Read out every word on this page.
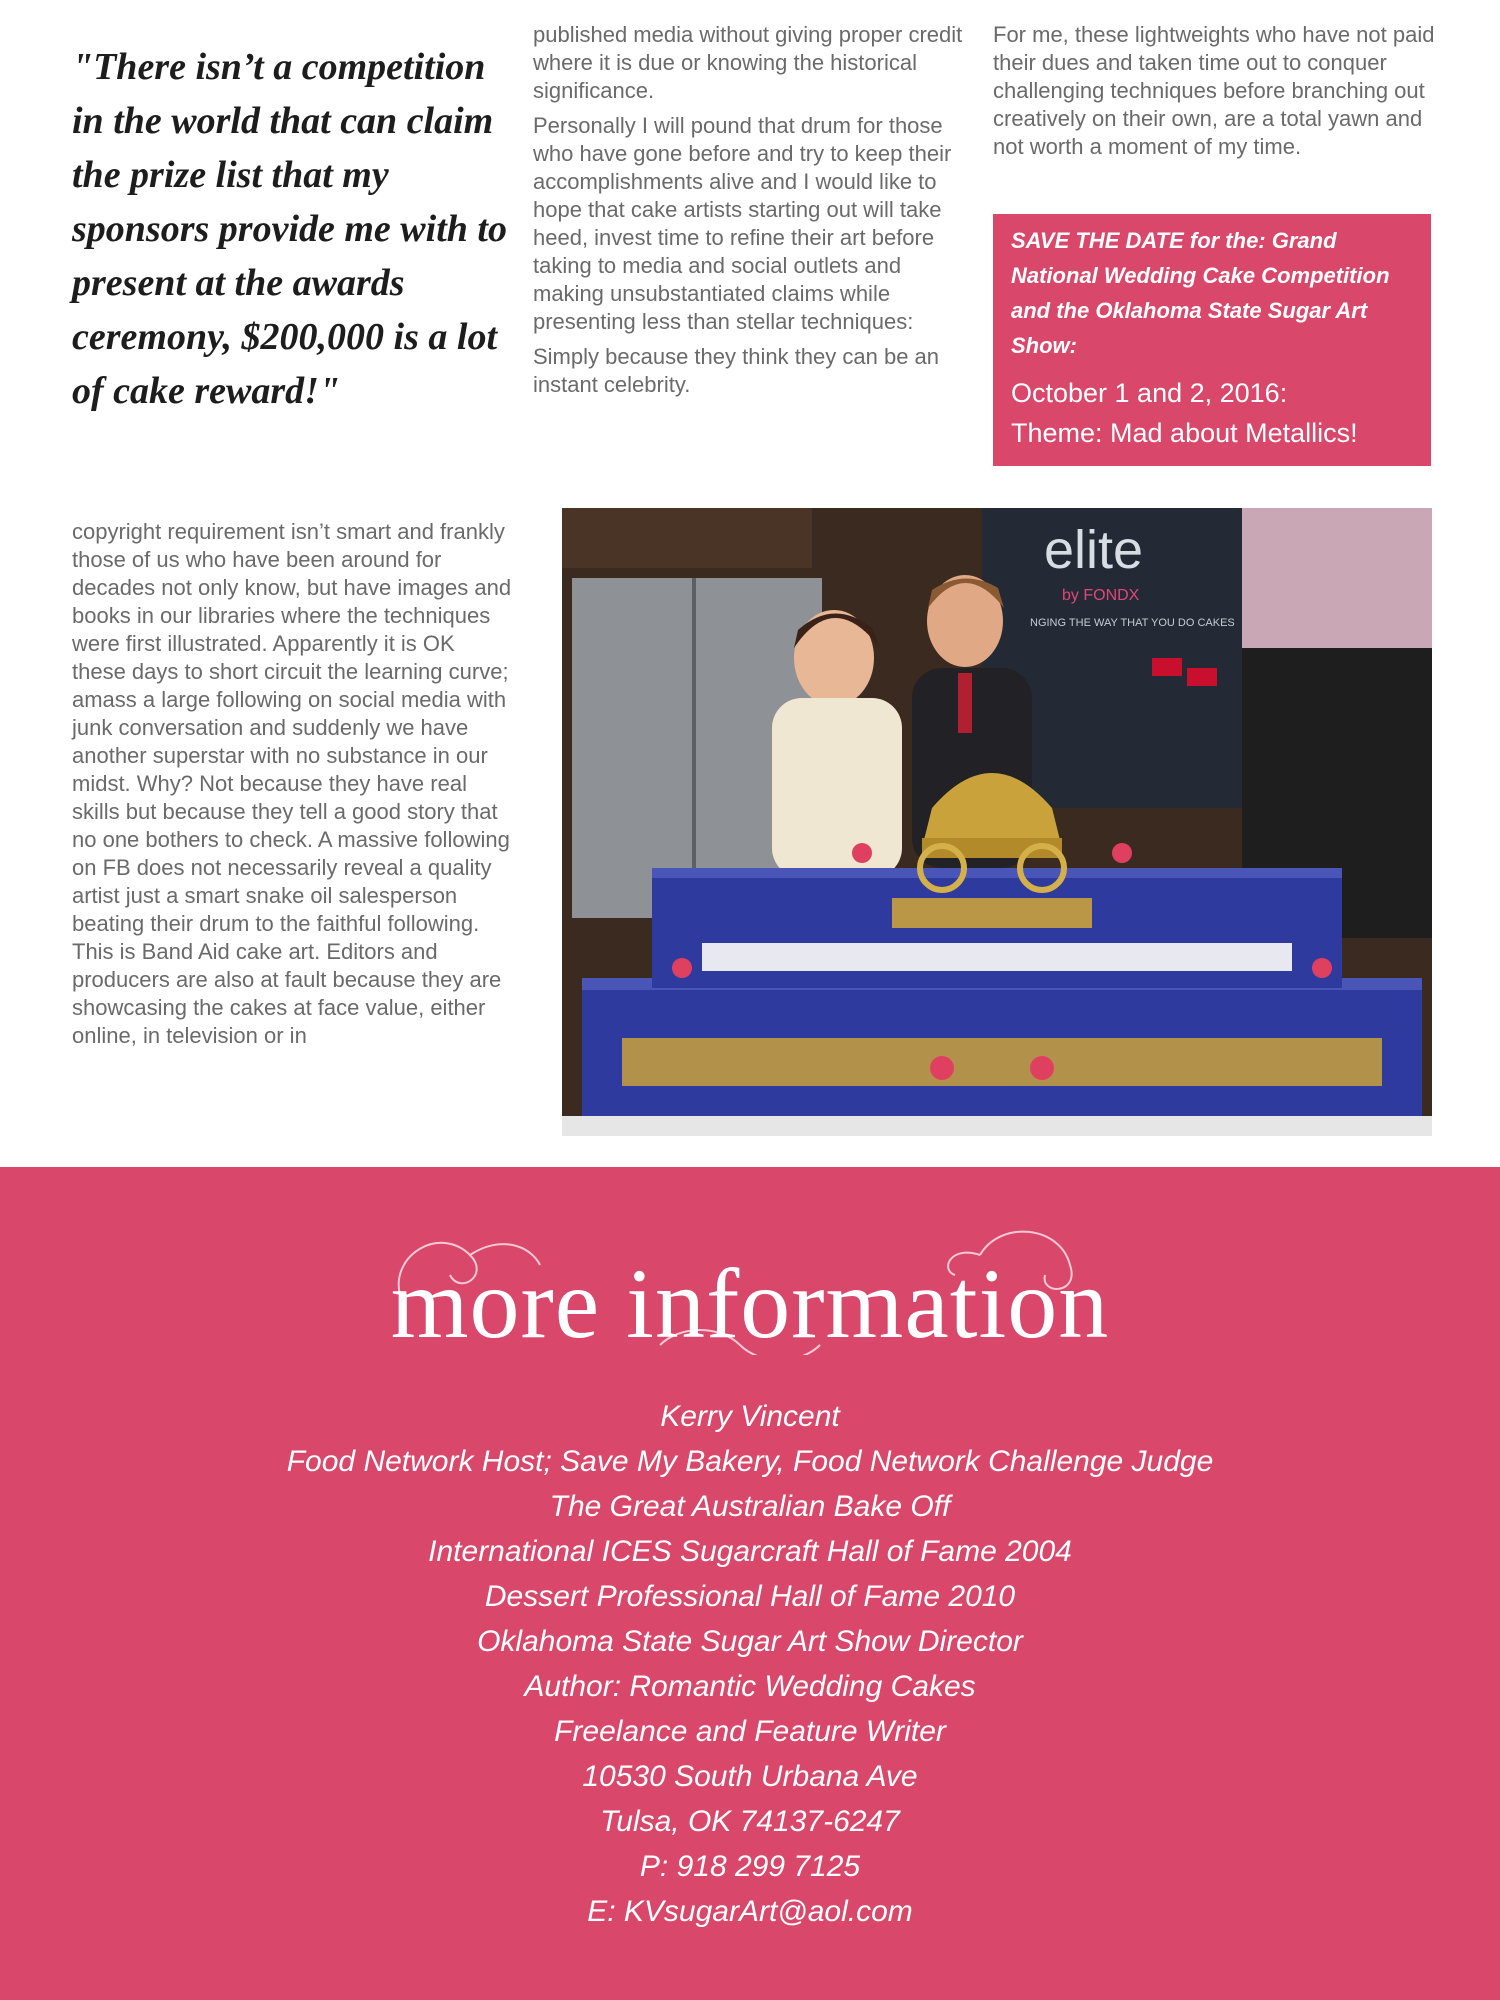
"There isn’t a competition in the world that can claim the prize list that my sponsors provide me with to present at the awards ceremony, $200,000 is a lot of cake reward!"

published media without giving proper credit where it is due or knowing the historical significance.

Personally I will pound that drum for those who have gone before and try to keep their accomplishments alive and I would like to hope that cake artists starting out will take heed, invest time to refine their art before taking to media and social outlets and making unsubstantiated claims while presenting less than stellar techniques:

Simply because they think they can be an instant celebrity.

For me, these lightweights who have not paid their dues and taken time out to conquer challenging techniques before branching out creatively on their own, are a total yawn and not worth a moment of my time.

SAVE THE DATE for the: Grand National Wedding Cake Competition and the Oklahoma State Sugar Art Show:
October 1 and 2, 2016:
Theme: Mad about Metallics!

copyright requirement isn’t smart and frankly those of us who have been around for decades not only know, but have images and books in our libraries where the techniques were first illustrated. Apparently it is OK these days to short circuit the learning curve; amass a large following on social media with junk conversation and suddenly we have another superstar with no substance in our midst. Why? Not because they have real skills but because they tell a good story that no one bothers to check. A massive following on FB does not necessarily reveal a quality artist just a smart snake oil salesperson beating their drum to the faithful following. This is Band Aid cake art. Editors and producers are also at fault because they are showcasing the cakes at face value, either online, in television or in

elite
by FONDX
NGING THE WAY THAT YOU DO CAKES
more information
Kerry Vincent
Food Network Host; Save My Bakery, Food Network Challenge Judge
The Great Australian Bake Off
International ICES Sugarcraft Hall of Fame 2004
Dessert Professional Hall of Fame 2010
Oklahoma State Sugar Art Show Director
Author: Romantic Wedding Cakes
Freelance and Feature Writer
10530 South Urbana Ave
Tulsa, OK 74137-6247
P: 918 299 7125
E: KVsugarArt@aol.com
